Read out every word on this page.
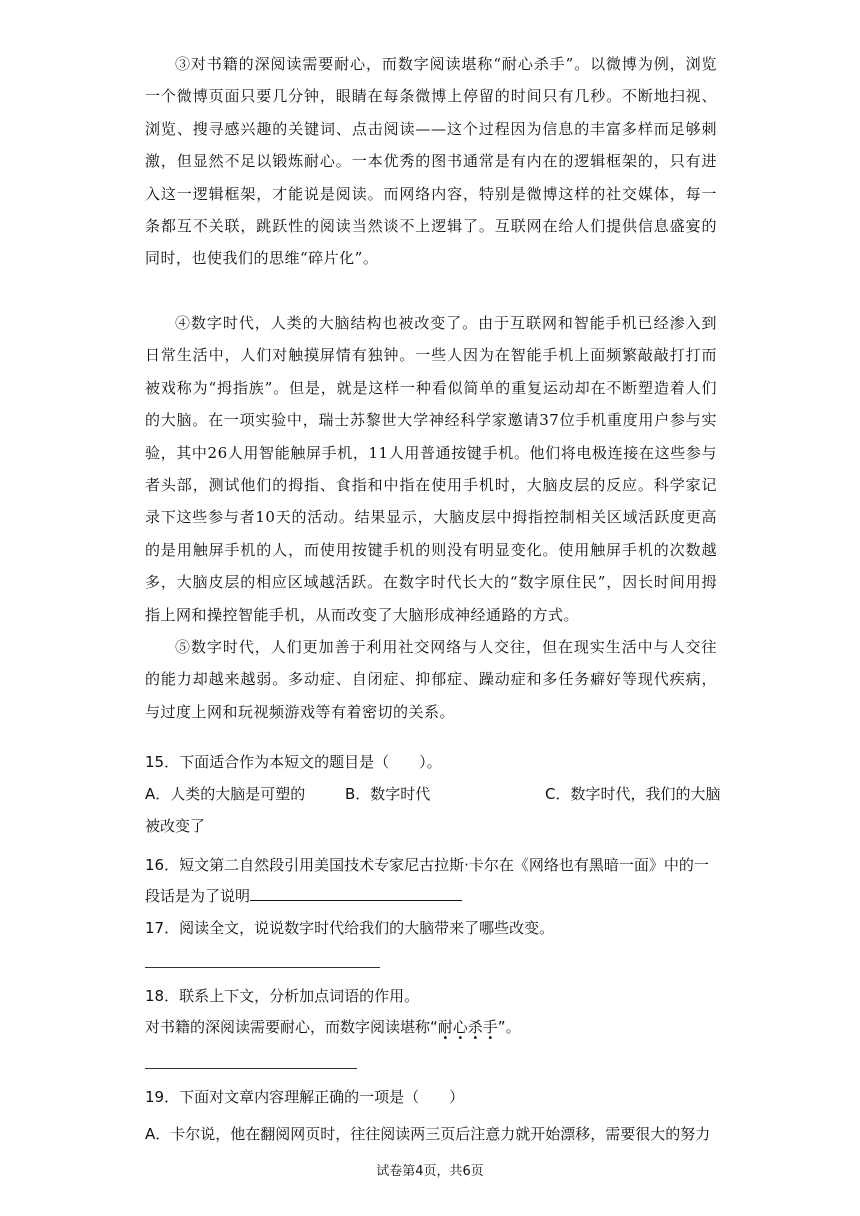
③对书籍的深阅读需要耐心，而数字阅读堪称“耐心杀手”。以微博为例，浏览一个微博页面只要几分钟，眼睛在每条微博上停留的时间只有几秒。不断地扫视、浏览、搜寻感兴趣的关键词、点击阅读——这个过程因为信息的丰富多样而足够刺激，但显然不足以锻炼耐心。一本优秀的图书通常是有内在的逻辑框架的，只有进入这一逻辑框架，才能说是阅读。而网络内容，特别是微博这样的社交媒体，每一条都互不关联，跳跃性的阅读当然谈不上逻辑了。互联网在给人们提供信息盛宴的同时，也使我们的思维“碎片化”。
④数字时代，人类的大脑结构也被改变了。由于互联网和智能手机已经渗入到日常生活中，人们对触摸屏情有独钟。一些人因为在智能手机上面频繁敲敲打打而被戏称为“拇指族”。但是，就是这样一种看似简单的重复运动却在不断塑造着人们的大脑。在一项实验中，瑞士苏黎世大学神经科学家邀请37位手机重度用户参与实验，其中26人用智能触屏手机，11人用普通按键手机。他们将电极连接在这些参与者头部，测试他们的拇指、食指和中指在使用手机时，大脑皮层的反应。科学家记录下这些参与者10天的活动。结果显示，大脑皮层中拇指控制相关区域活跃度更高的是用触屏手机的人，而使用按键手机的则没有明显变化。使用触屏手机的次数越多，大脑皮层的相应区域越活跃。在数字时代长大的“数字原住民”，因长时间用拇指上网和操控智能手机，从而改变了大脑形成神经通路的方式。
⑤数字时代，人们更加善于利用社交网络与人交往，但在现实生活中与人交往的能力却越来越弱。多动症、自闭症、抑郁症、躁动症和多任务癖好等现代疾病，与过度上网和玩视频游戏等有着密切的关系。
15．下面适合作为本短文的题目是（　　）。
A．人类的大脑是可塑的	B．数字时代	C．数字时代，我们的大脑
被改变了
16．短文第二自然段引用美国技术专家尼古拉斯·卡尔在《网络也有黑暗一面》中的一
段话是为了说明
17．阅读全文，说说数字时代给我们的大脑带来了哪些改变。
18．联系上下文，分析加点词语的作用。
对书籍的深阅读需要耐心，而数字阅读堪称“耐心杀手
• • • •
”。
19．下面对文章内容理解正确的一项是（　　）
A．卡尔说，他在翻阅网页时，往往阅读两三页后注意力就开始漂移，需要很大的努力
试卷第4页，共6页
